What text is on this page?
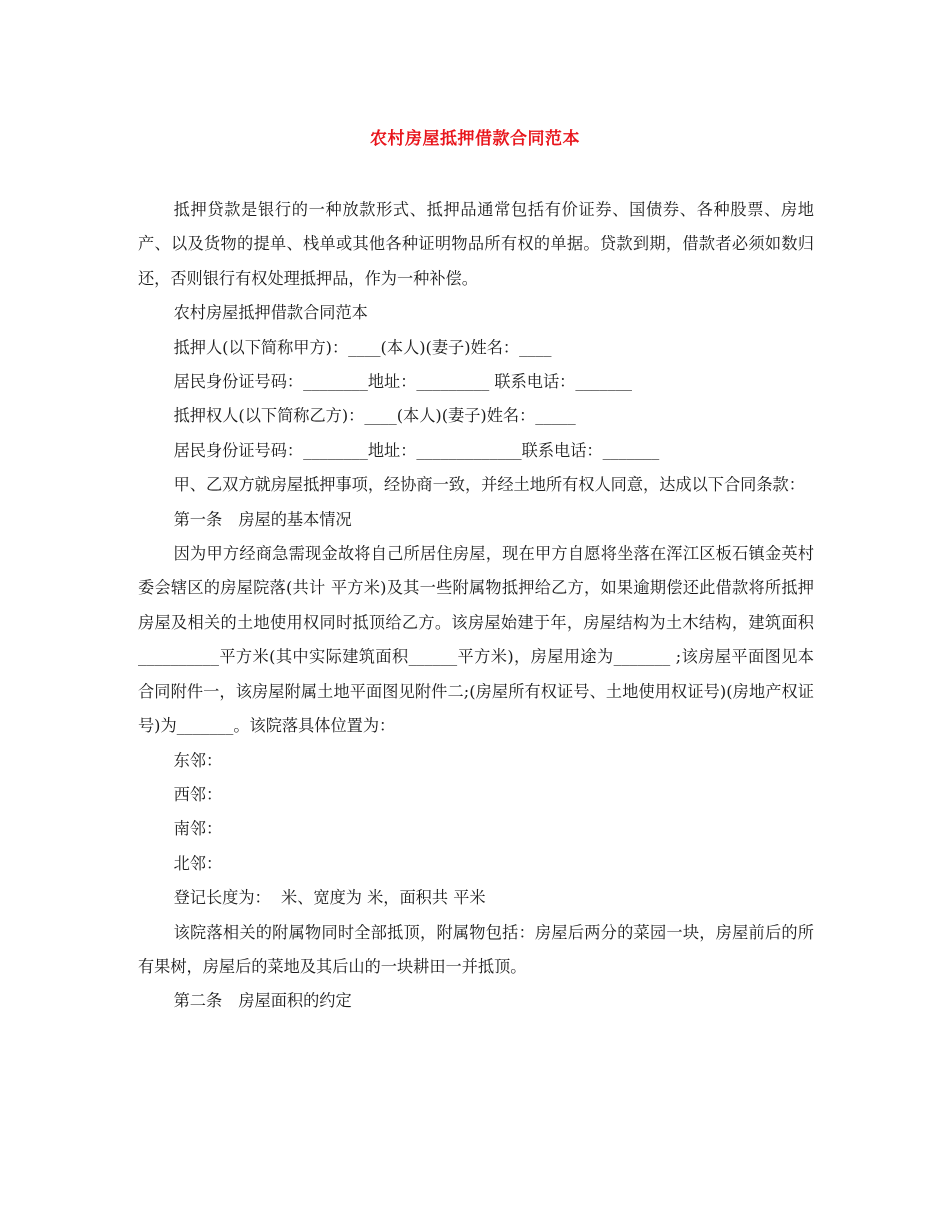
农村房屋抵押借款合同范本

抵押贷款是银行的一种放款形式、抵押品通常包括有价证券、国债券、各种股票、房地产、以及货物的提单、栈单或其他各种证明物品所有权的单据。贷款到期，借款者必须如数归还，否则银行有权处理抵押品，作为一种补偿。

农村房屋抵押借款合同范本

抵押人(以下简称甲方)：____(本人)(妻子)姓名：____

居民身份证号码：________地址：_________ 联系电话：_______

抵押权人(以下简称乙方)：____(本人)(妻子)姓名：_____

居民身份证号码：________地址：_____________联系电话：_______

甲、乙双方就房屋抵押事项，经协商一致，并经土地所有权人同意，达成以下合同条款：

第一条　房屋的基本情况

因为甲方经商急需现金故将自己所居住房屋，现在甲方自愿将坐落在浑江区板石镇金英村委会辖区的房屋院落(共计 平方米)及其一些附属物抵押给乙方，如果逾期偿还此借款将所抵押房屋及相关的土地使用权同时抵顶给乙方。该房屋始建于年，房屋结构为土木结构，建筑面积__________平方米(其中实际建筑面积______平方米)，房屋用途为_______ ;该房屋平面图见本合同附件一，该房屋附属土地平面图见附件二;(房屋所有权证号、土地使用权证号)(房地产权证号)为_______。该院落具体位置为：

东邻：

西邻：

南邻：

北邻：

登记长度为：  米、宽度为 米，面积共 平米

该院落相关的附属物同时全部抵顶，附属物包括：房屋后两分的菜园一块，房屋前后的所有果树，房屋后的菜地及其后山的一块耕田一并抵顶。

第二条　房屋面积的约定
